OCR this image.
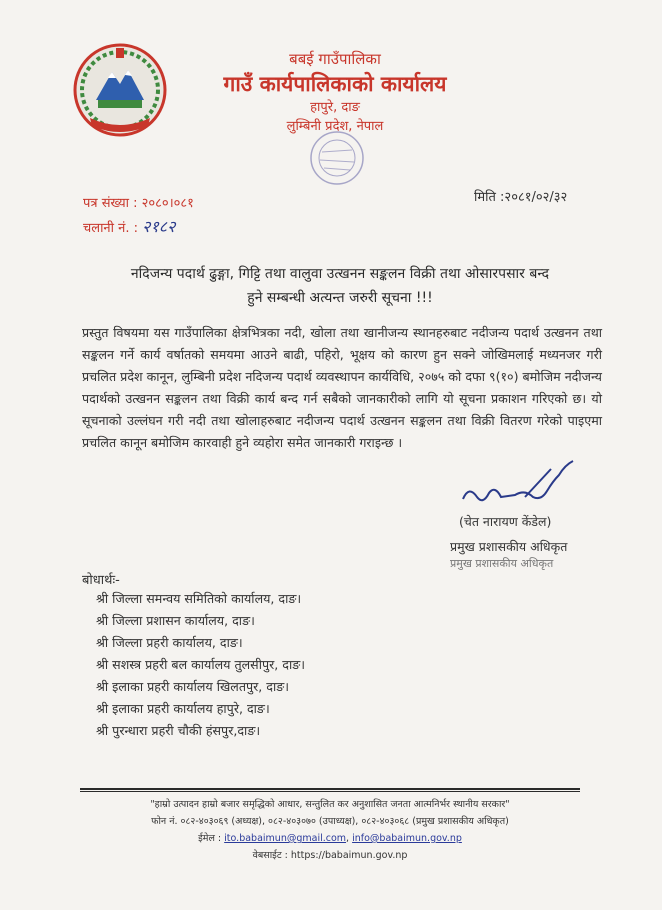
बबई गाउँपालिका
गाउँ कार्यपालिकाको कार्यालय
हापुरे, दाङ
लुम्बिनी प्रदेश, नेपाल
पत्र संख्या : २०८०।०८१
चलानी नं. : २१८२
मिति :२०८१/०२/३२
नदिजन्य पदार्थ ढुङ्गा, गिट्टि तथा वालुवा उत्खनन सङ्कलन विक्री तथा ओसारपसार बन्द
हुने सम्बन्धी अत्यन्त जरुरी सूचना !!!
प्रस्तुत विषयमा यस गाउँपालिका क्षेत्रभित्रका नदी, खोला तथा खानीजन्य स्थानहरुबाट नदीजन्य पदार्थ उत्खनन तथा सङ्कलन गर्ने कार्य वर्षातको समयमा आउने बाढी, पहिरो, भूक्षय को कारण हुन सक्ने जोखिमलाई मध्यनजर गरी प्रचलित प्रदेश कानून, लुम्बिनी प्रदेश नदिजन्य पदार्थ व्यवस्थापन कार्यविधि, २०७५ को दफा ९(१०) बमोजिम नदीजन्य पदार्थको उत्खनन सङ्कलन तथा विक्री कार्य बन्द गर्न सबैको जानकारीको लागि यो सूचना प्रकाशन गरिएको छ। यो सूचनाको उल्लंघन गरी नदी तथा खोलाहरुबाट नदीजन्य पदार्थ उत्खनन सङ्कलन तथा विक्री वितरण गरेको पाइएमा प्रचलित कानून बमोजिम कारवाही हुने व्यहोरा समेत जानकारी गराइन्छ ।
(चेत नारायण केंडेल)
प्रमुख प्रशासकीय अधिकृत
प्रमुख प्रशासकीय अधिकृत
बोधार्थः-
श्री जिल्ला समन्वय समितिको कार्यालय, दाङ।
श्री जिल्ला प्रशासन कार्यालय, दाङ।
श्री जिल्ला प्रहरी कार्यालय, दाङ।
श्री सशस्त्र प्रहरी बल कार्यालय तुलसीपुर, दाङ।
श्री इलाका प्रहरी कार्यालय खिलतपुर, दाङ।
श्री इलाका प्रहरी कार्यालय हापुरे, दाङ।
श्री पुरन्धारा प्रहरी चौकी हंसपुर,दाङ।
"हाम्रो उत्पादन हाम्रो बजार समृद्धिको आधार, सन्तुलित कर अनुशासित जनता आत्मनिर्भर स्थानीय सरकार"
फोन नं. ०८२-४०३०६९ (अध्यक्ष), ०८२-४०३०७० (उपाध्यक्ष), ०८२-४०३०६८ (प्रमुख प्रशासकीय अधिकृत)
ईमेल : ito.babaimun@gmail.com, info@babaimun.gov.np
वेबसाईट : https://babaimun.gov.np
